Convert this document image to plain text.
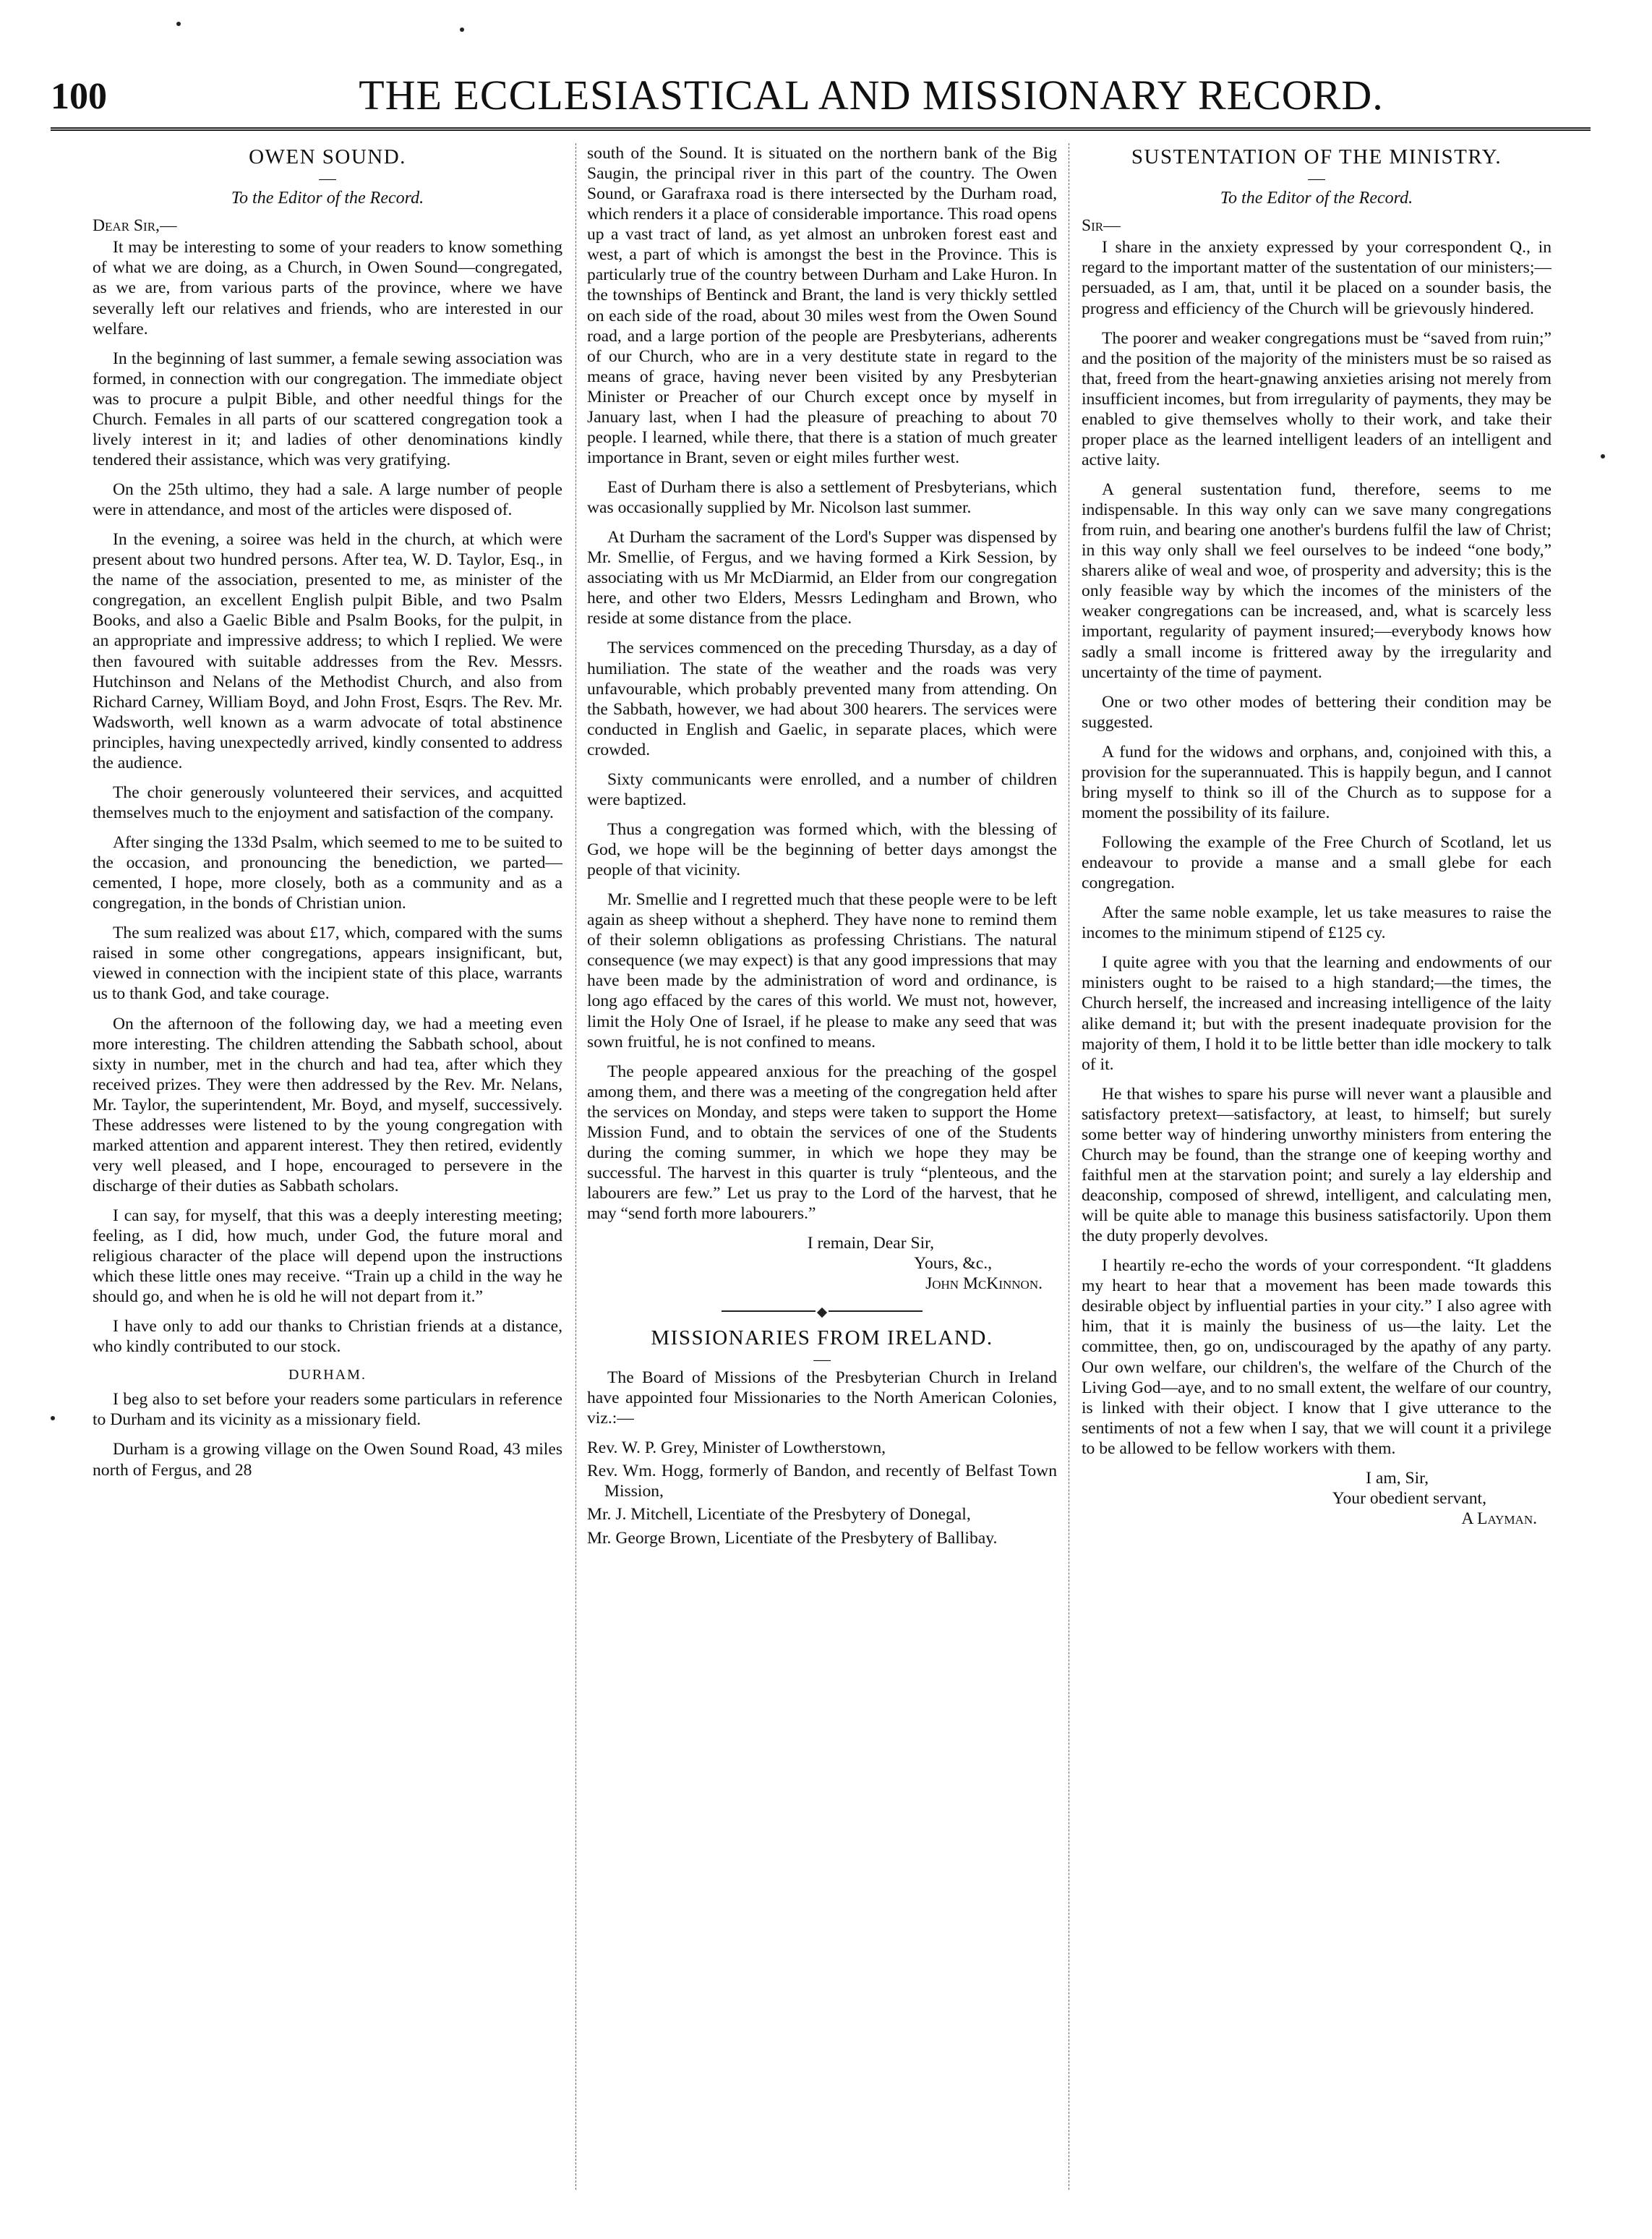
100	THE ECCLESIASTICAL AND MISSIONARY RECORD.
OWEN SOUND.
—
To the Editor of the Record.
Dear Sir,—

It may be interesting to some of your readers to know something of what we are doing, as a Church, in Owen Sound—congregated, as we are, from various parts of the province, where we have severally left our relatives and friends, who are interested in our welfare.

In the beginning of last summer, a female sewing association was formed, in connection with our congregation. The immediate object was to procure a pulpit Bible, and other needful things for the Church. Females in all parts of our scattered congregation took a lively interest in it; and ladies of other denominations kindly tendered their assistance, which was very gratifying.

On the 25th ultimo, they had a sale. A large number of people were in attendance, and most of the articles were disposed of.

In the evening, a soiree was held in the church, at which were present about two hundred persons. After tea, W. D. Taylor, Esq., in the name of the association, presented to me, as minister of the congregation, an excellent English pulpit Bible, and two Psalm Books, and also a Gaelic Bible and Psalm Books, for the pulpit, in an appropriate and impressive address; to which I replied. We were then favoured with suitable addresses from the Rev. Messrs. Hutchinson and Nelans of the Methodist Church, and also from Richard Carney, William Boyd, and John Frost, Esqrs. The Rev. Mr. Wadsworth, well known as a warm advocate of total abstinence principles, having unexpectedly arrived, kindly consented to address the audience.

The choir generously volunteered their services, and acquitted themselves much to the enjoyment and satisfaction of the company.

After singing the 133d Psalm, which seemed to me to be suited to the occasion, and pronouncing the benediction, we parted—cemented, I hope, more closely, both as a community and as a congregation, in the bonds of Christian union.

The sum realized was about £17, which, compared with the sums raised in some other congregations, appears insignificant, but, viewed in connection with the incipient state of this place, warrants us to thank God, and take courage.

On the afternoon of the following day, we had a meeting even more interesting. The children attending the Sabbath school, about sixty in number, met in the church and had tea, after which they received prizes. They were then addressed by the Rev. Mr. Nelans, Mr. Taylor, the superintendent, Mr. Boyd, and myself, successively. These addresses were listened to by the young congregation with marked attention and apparent interest. They then retired, evidently very well pleased, and I hope, encouraged to persevere in the discharge of their duties as Sabbath scholars.

I can say, for myself, that this was a deeply interesting meeting; feeling, as I did, how much, under God, the future moral and religious character of the place will depend upon the instructions which these little ones may receive. “Train up a child in the way he should go, and when he is old he will not depart from it.”

I have only to add our thanks to Christian friends at a distance, who kindly contributed to our stock.

DURHAM.

I beg also to set before your readers some particulars in reference to Durham and its vicinity as a missionary field.

Durham is a growing village on the Owen Sound Road, 43 miles north of Fergus, and 28

south of the Sound. It is situated on the northern bank of the Big Saugin, the principal river in this part of the country. The Owen Sound, or Garafraxa road is there intersected by the Durham road, which renders it a place of considerable importance. This road opens up a vast tract of land, as yet almost an unbroken forest east and west, a part of which is amongst the best in the Province. This is particularly true of the country between Durham and Lake Huron. In the townships of Bentinck and Brant, the land is very thickly settled on each side of the road, about 30 miles west from the Owen Sound road, and a large portion of the people are Presbyterians, adherents of our Church, who are in a very destitute state in regard to the means of grace, having never been visited by any Presbyterian Minister or Preacher of our Church except once by myself in January last, when I had the pleasure of preaching to about 70 people. I learned, while there, that there is a station of much greater importance in Brant, seven or eight miles further west.

East of Durham there is also a settlement of Presbyterians, which was occasionally supplied by Mr. Nicolson last summer.

At Durham the sacrament of the Lord's Supper was dispensed by Mr. Smellie, of Fergus, and we having formed a Kirk Session, by associating with us Mr McDiarmid, an Elder from our congregation here, and other two Elders, Messrs Ledingham and Brown, who reside at some distance from the place.

The services commenced on the preceding Thursday, as a day of humiliation. The state of the weather and the roads was very unfavourable, which probably prevented many from attending. On the Sabbath, however, we had about 300 hearers. The services were conducted in English and Gaelic, in separate places, which were crowded.

Sixty communicants were enrolled, and a number of children were baptized.

Thus a congregation was formed which, with the blessing of God, we hope will be the beginning of better days amongst the people of that vicinity.

Mr. Smellie and I regretted much that these people were to be left again as sheep without a shepherd. They have none to remind them of their solemn obligations as professing Christians. The natural consequence (we may expect) is that any good impressions that may have been made by the administration of word and ordinance, is long ago effaced by the cares of this world. We must not, however, limit the Holy One of Israel, if he please to make any seed that was sown fruitful, he is not confined to means.

The people appeared anxious for the preaching of the gospel among them, and there was a meeting of the congregation held after the services on Monday, and steps were taken to support the Home Mission Fund, and to obtain the services of one of the Students during the coming summer, in which we hope they may be successful. The harvest in this quarter is truly “plenteous, and the labourers are few.” Let us pray to the Lord of the harvest, that he may “send forth more labourers.”

I remain, Dear Sir,

Yours, &c.,

John McKinnon.

MISSIONARIES FROM IRELAND.
—

The Board of Missions of the Presbyterian Church in Ireland have appointed four Missionaries to the North American Colonies, viz.:—

Rev. W. P. Grey, Minister of Lowtherstown,
Rev. Wm. Hogg, formerly of Bandon, and recently of Belfast Town Mission,
Mr. J. Mitchell, Licentiate of the Presbytery of Donegal,
Mr. George Brown, Licentiate of the Presbytery of Ballibay.
SUSTENTATION OF THE MINISTRY.
—
To the Editor of the Record.
Sir—

I share in the anxiety expressed by your correspondent Q., in regard to the important matter of the sustentation of our ministers;—persuaded, as I am, that, until it be placed on a sounder basis, the progress and efficiency of the Church will be grievously hindered.

The poorer and weaker congregations must be “saved from ruin;” and the position of the majority of the ministers must be so raised as that, freed from the heart-gnawing anxieties arising not merely from insufficient incomes, but from irregularity of payments, they may be enabled to give themselves wholly to their work, and take their proper place as the learned intelligent leaders of an intelligent and active laity.

A general sustentation fund, therefore, seems to me indispensable. In this way only can we save many congregations from ruin, and bearing one another's burdens fulfil the law of Christ; in this way only shall we feel ourselves to be indeed “one body,” sharers alike of weal and woe, of prosperity and adversity; this is the only feasible way by which the incomes of the ministers of the weaker congregations can be increased, and, what is scarcely less important, regularity of payment insured;—everybody knows how sadly a small income is frittered away by the irregularity and uncertainty of the time of payment.

One or two other modes of bettering their condition may be suggested.

A fund for the widows and orphans, and, conjoined with this, a provision for the superannuated. This is happily begun, and I cannot bring myself to think so ill of the Church as to suppose for a moment the possibility of its failure.

Following the example of the Free Church of Scotland, let us endeavour to provide a manse and a small glebe for each congregation.

After the same noble example, let us take measures to raise the incomes to the minimum stipend of £125 cy.

I quite agree with you that the learning and endowments of our ministers ought to be raised to a high standard;—the times, the Church herself, the increased and increasing intelligence of the laity alike demand it; but with the present inadequate provision for the majority of them, I hold it to be little better than idle mockery to talk of it.

He that wishes to spare his purse will never want a plausible and satisfactory pretext—satisfactory, at least, to himself; but surely some better way of hindering unworthy ministers from entering the Church may be found, than the strange one of keeping worthy and faithful men at the starvation point; and surely a lay eldership and deaconship, composed of shrewd, intelligent, and calculating men, will be quite able to manage this business satisfactorily. Upon them the duty properly devolves.

I heartily re-echo the words of your correspondent. “It gladdens my heart to hear that a movement has been made towards this desirable object by influential parties in your city.” I also agree with him, that it is mainly the business of us—the laity. Let the committee, then, go on, undiscouraged by the apathy of any party. Our own welfare, our children's, the welfare of the Church of the Living God—aye, and to no small extent, the welfare of our country, is linked with their object. I know that I give utterance to the sentiments of not a few when I say, that we will count it a privilege to be allowed to be fellow workers with them.

I am, Sir,

Your obedient servant,

A Layman.
